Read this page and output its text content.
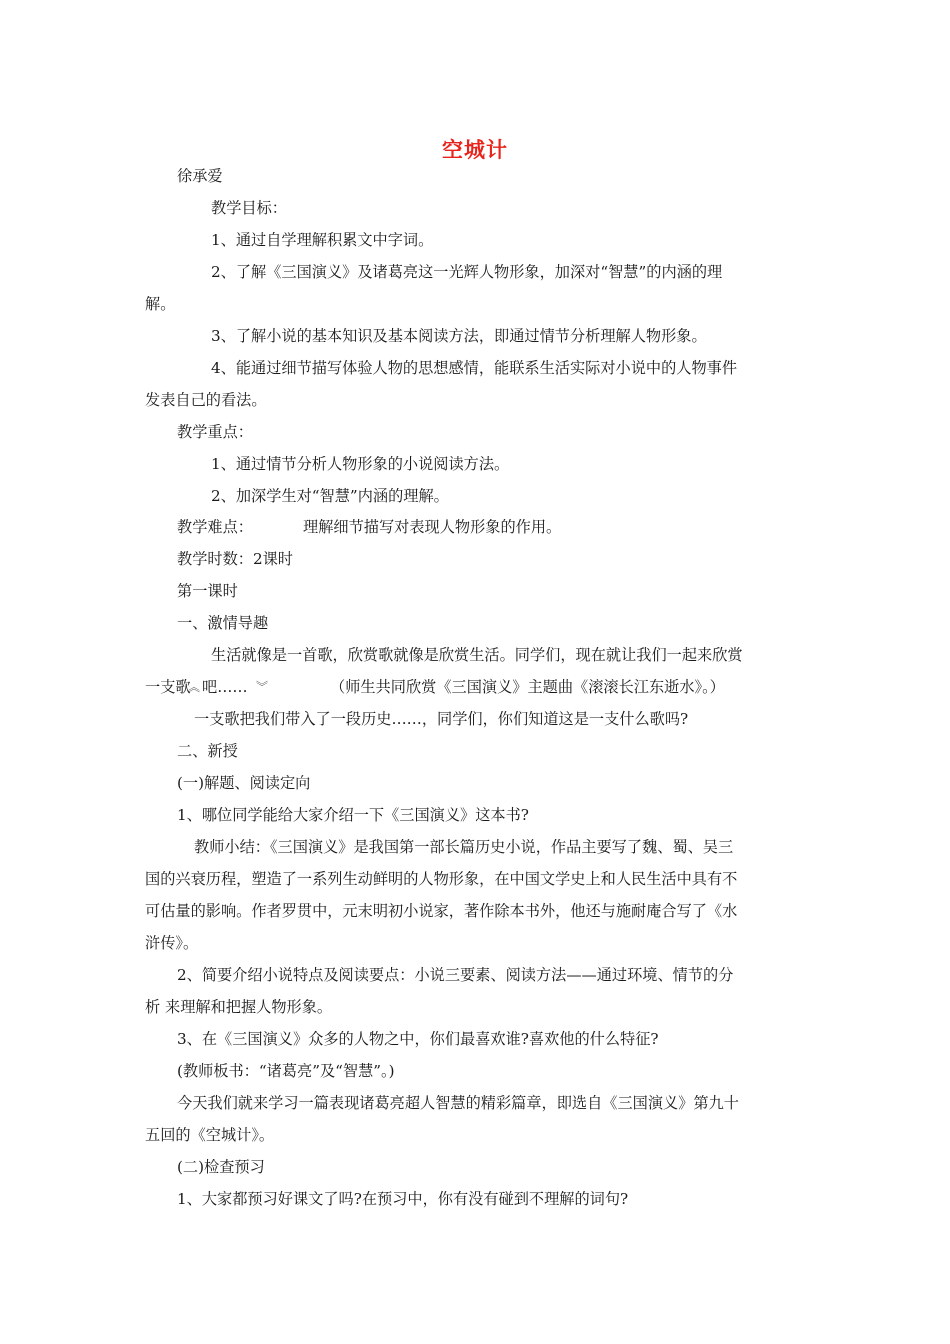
空城计
徐承爱
教学目标：
1、通过自学理解积累文中字词。
2、了解《三国演义》及诸葛亮这一光辉人物形象，加深对“智慧”的内涵的理
解。
3、了解小说的基本知识及基本阅读方法，即通过情节分析理解人物形象。
4、能通过细节描写体验人物的思想感情，能联系生活实际对小说中的人物事件
发表自己的看法。
教学重点：
1、通过情节分析人物形象的小说阅读方法。
2、加深学生对“智慧”内涵的理解。
教学难点：	理解细节描写对表现人物形象的作用。
教学时数：2课时
第一课时
一、激情导趣
生活就像是一首歌，欣赏歌就像是欣赏生活。同学们，现在就让我们一起来欣赏
一支歌
︽ 吧…… ︾	（师生共同欣赏《三国演义》主题曲《滚滚长江东逝水》。）
一支歌把我们带入了一段历史……，同学们，你们知道这是一支什么歌吗?
二、新授
(一)解题、阅读定向
1、哪位同学能给大家介绍一下《三国演义》这本书?
教师小结：《三国演义》是我国第一部长篇历史小说，作品主要写了魏、蜀、吴三
国的兴衰历程，塑造了一系列生动鲜明的人物形象，在中国文学史上和人民生活中具有不
可估量的影响。作者罗贯中，元末明初小说家，著作除本书外，他还与施耐庵合写了《水
浒传》。
2、简要介绍小说特点及阅读要点：小说三要素、阅读方法——通过环境、情节的分
析 来理解和把握人物形象。
3、在《三国演义》众多的人物之中，你们最喜欢谁?喜欢他的什么特征?
(教师板书：“诸葛亮”及“智慧”。)
今天我们就来学习一篇表现诸葛亮超人智慧的精彩篇章，即选自《三国演义》第九十
五回的《空城计》。
(二)检查预习
1、大家都预习好课文了吗?在预习中，你有没有碰到不理解的词句?
